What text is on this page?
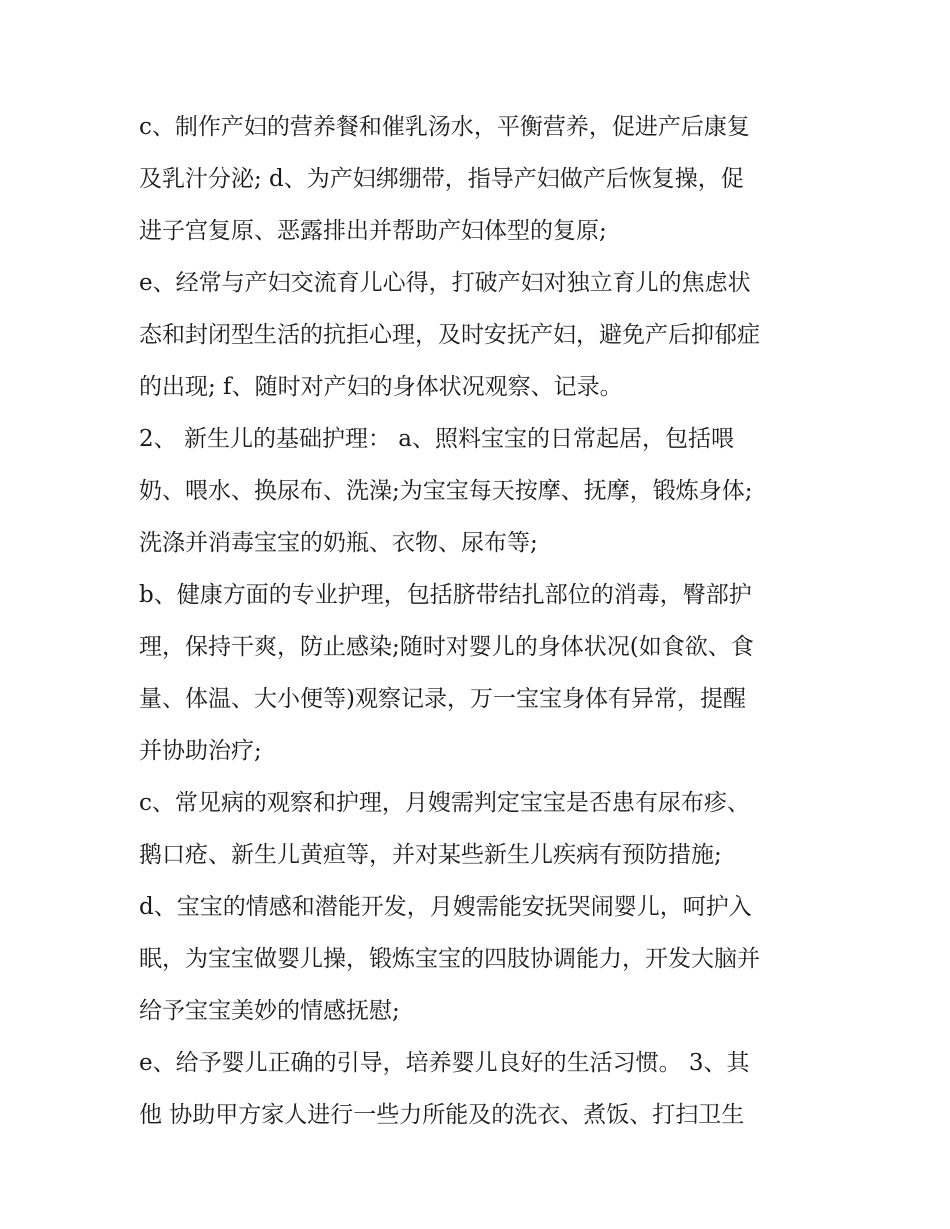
c、制作产妇的营养餐和催乳汤水，平衡营养，促进产后康复
及乳汁分泌; d、为产妇绑绷带，指导产妇做产后恢复操，促
进子宫复原、恶露排出并帮助产妇体型的复原;
e、经常与产妇交流育儿心得，打破产妇对独立育儿的焦虑状
态和封闭型生活的抗拒心理，及时安抚产妇，避免产后抑郁症
的出现; f、随时对产妇的身体状况观察、记录。
2、 新生儿的基础护理： a、照料宝宝的日常起居，包括喂
奶、喂水、换尿布、洗澡;为宝宝每天按摩、抚摩，锻炼身体;
洗涤并消毒宝宝的奶瓶、衣物、尿布等;
b、健康方面的专业护理，包括脐带结扎部位的消毒，臀部护
理，保持干爽，防止感染;随时对婴儿的身体状况(如食欲、食
量、体温、大小便等)观察记录，万一宝宝身体有异常，提醒
并协助治疗;
c、常见病的观察和护理，月嫂需判定宝宝是否患有尿布疹、
鹅口疮、新生儿黄疸等，并对某些新生儿疾病有预防措施;
d、宝宝的情感和潜能开发，月嫂需能安抚哭闹婴儿，呵护入
眠，为宝宝做婴儿操，锻炼宝宝的四肢协调能力，开发大脑并
给予宝宝美妙的情感抚慰;
e、给予婴儿正确的引导，培养婴儿良好的生活习惯。 3、其
他 协助甲方家人进行一些力所能及的洗衣、煮饭、打扫卫生
